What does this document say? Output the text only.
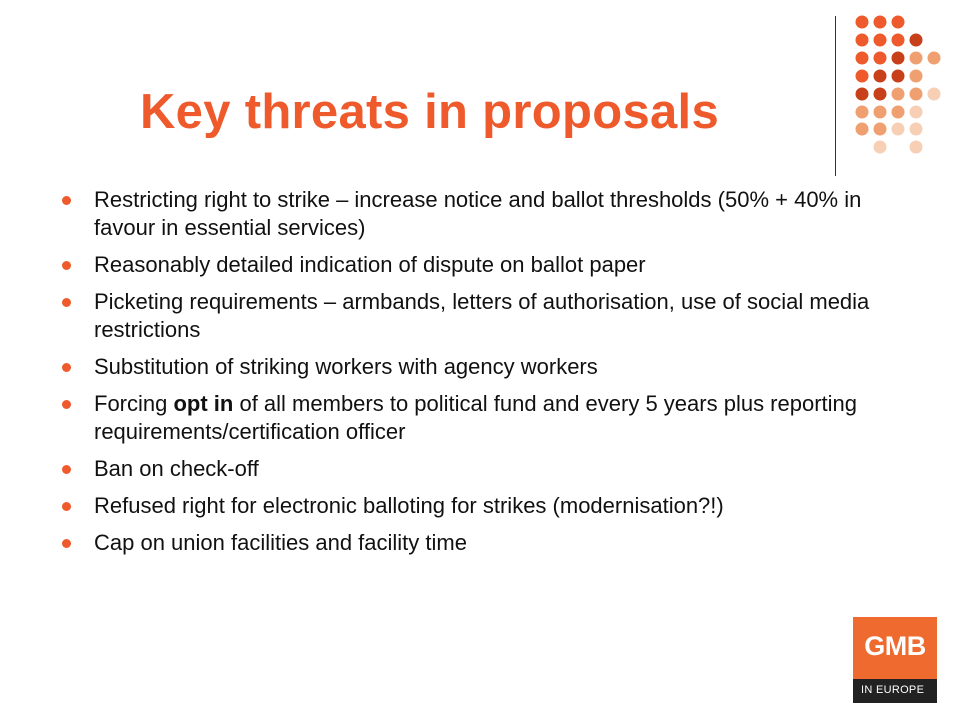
Key threats in proposals
Restricting right to strike – increase notice and ballot thresholds (50% + 40% in favour in essential services)
Reasonably detailed indication of dispute on ballot paper
Picketing requirements – armbands, letters of authorisation, use of social media restrictions
Substitution of striking workers with agency workers
Forcing opt in of all members to political fund and every 5 years plus reporting requirements/certification officer
Ban on check-off
Refused right for electronic balloting for strikes (modernisation?!)
Cap on union facilities and facility time
GMB
IN EUROPE
